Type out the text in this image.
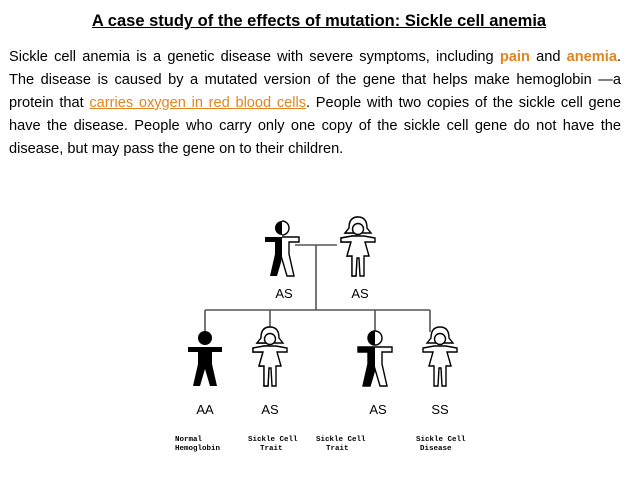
A case study of the effects of mutation: Sickle cell anemia
Sickle cell anemia is a genetic disease with severe symptoms, including pain and anemia. The disease is caused by a mutated version of the gene that helps make hemoglobin —a protein that carries oxygen in red blood cells. People with two copies of the sickle cell gene have the disease. People who carry only one copy of the sickle cell gene do not have the disease, but may pass the gene on to their children.
AS	AS
AA	AS	AS	SS
Normal
Hemoglobin
Sickle Cell
Trait
Sickle Cell
Trait
Sickle Cell
Disease
